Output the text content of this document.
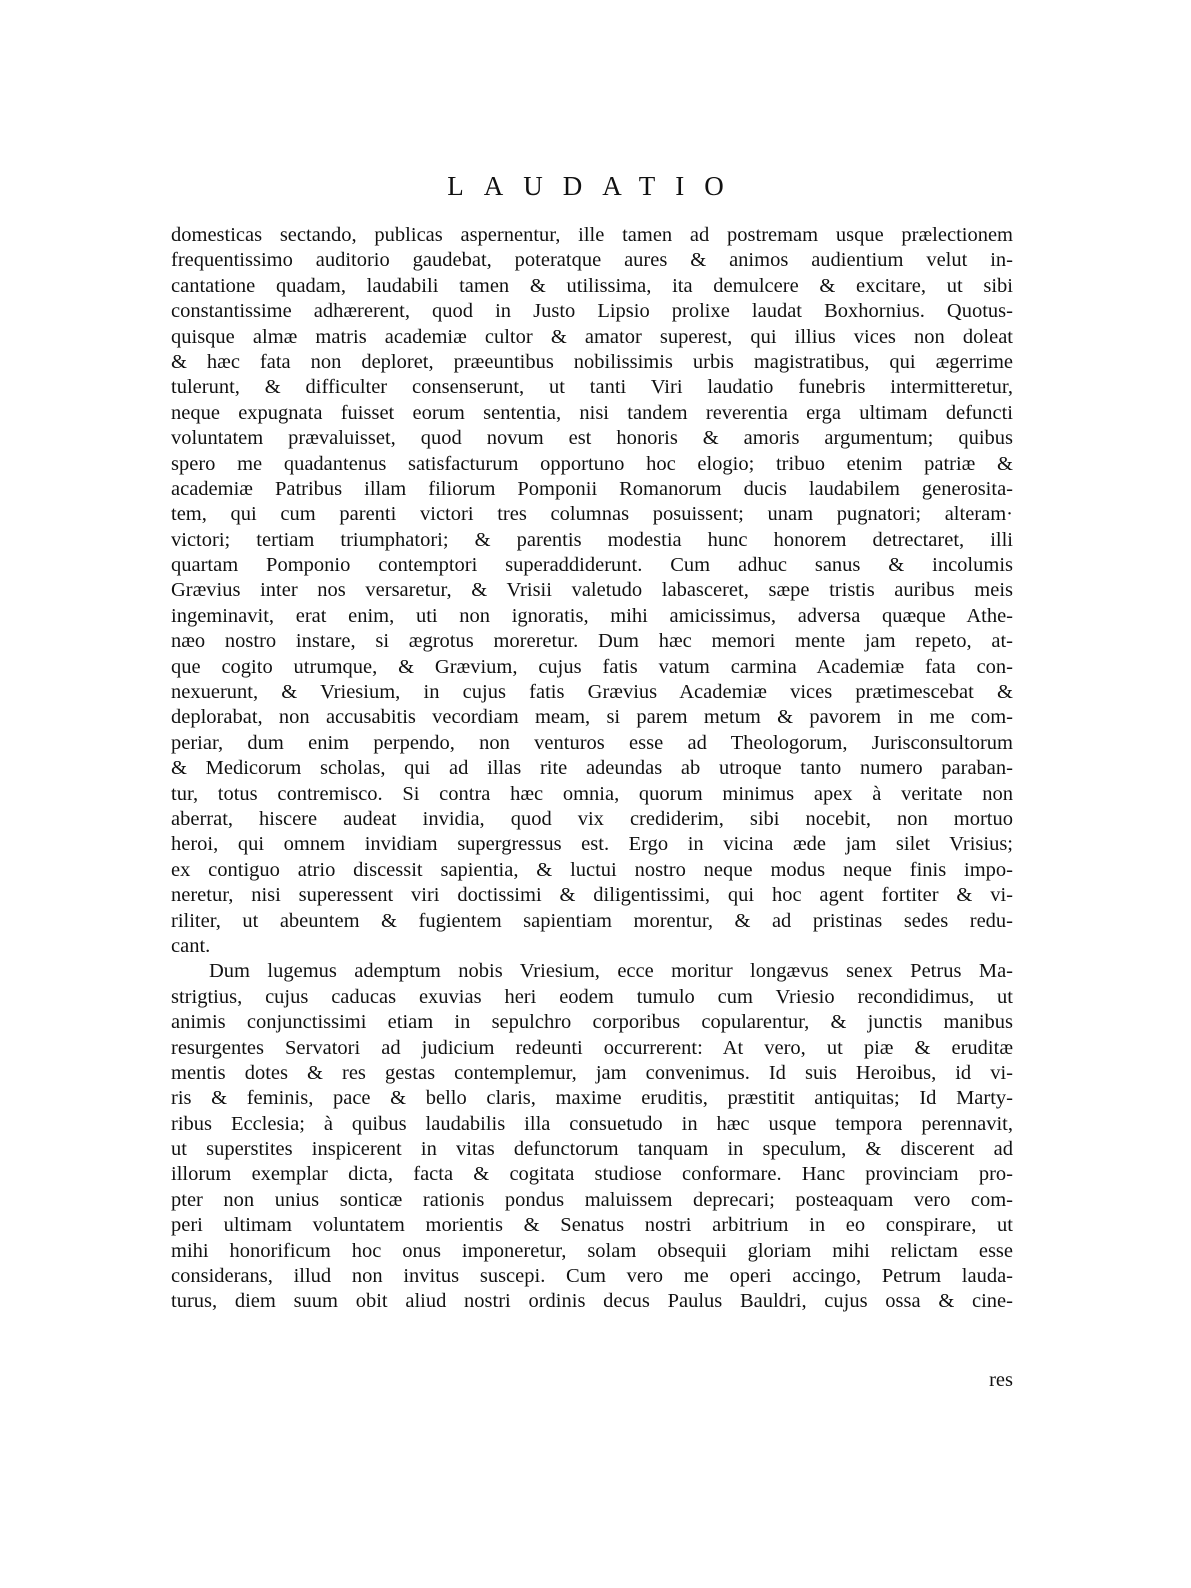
LAUDATIO
domesticas sectando, publicas aspernentur, ille tamen ad postremam usque prælectionem
frequentissimo auditorio gaudebat, poteratque aures & animos audientium velut in-
cantatione quadam, laudabili tamen & utilissima, ita demulcere & excitare, ut sibi
constantissime adhærerent, quod in Justo Lipsio prolixe laudat Boxhornius. Quotus-
quisque almæ matris academiæ cultor & amator superest, qui illius vices non doleat
& hæc fata non deploret, præeuntibus nobilissimis urbis magistratibus, qui ægerrime
tulerunt, & difficulter consenserunt, ut tanti Viri laudatio funebris intermitteretur,
neque expugnata fuisset eorum sententia, nisi tandem reverentia erga ultimam defuncti
voluntatem prævaluisset, quod novum est honoris & amoris argumentum; quibus
spero me quadantenus satisfacturum opportuno hoc elogio; tribuo etenim patriæ &
academiæ Patribus illam filiorum Pomponii Romanorum ducis laudabilem generosita-
tem, qui cum parenti victori tres columnas posuissent; unam pugnatori; alteram·
victori; tertiam triumphatori; & parentis modestia hunc honorem detrectaret, illi
quartam Pomponio contemptori superaddiderunt. Cum adhuc sanus & incolumis
Grævius inter nos versaretur, & Vrisii valetudo labasceret, sæpe tristis auribus meis
ingeminavit, erat enim, uti non ignoratis, mihi amicissimus, adversa quæque Athe-
næo nostro instare, si ægrotus moreretur. Dum hæc memori mente jam repeto, at-
que cogito utrumque, & Grævium, cujus fatis vatum carmina Academiæ fata con-
nexuerunt, & Vriesium, in cujus fatis Grævius Academiæ vices prætimescebat &
deplorabat, non accusabitis vecordiam meam, si parem metum & pavorem in me com-
periar, dum enim perpendo, non venturos esse ad Theologorum, Jurisconsultorum
& Medicorum scholas, qui ad illas rite adeundas ab utroque tanto numero paraban-
tur, totus contremisco. Si contra hæc omnia, quorum minimus apex à veritate non
aberrat, hiscere audeat invidia, quod vix crediderim, sibi nocebit, non mortuo
heroi, qui omnem invidiam supergressus est. Ergo in vicina æde jam silet Vrisius;
ex contiguo atrio discessit sapientia, & luctui nostro neque modus neque finis impo-
neretur, nisi superessent viri doctissimi & diligentissimi, qui hoc agent fortiter & vi-
riliter, ut abeuntem & fugientem sapientiam morentur, & ad pristinas sedes redu-
cant.
Dum lugemus ademptum nobis Vriesium, ecce moritur longævus senex Petrus Ma-
strigtius, cujus caducas exuvias heri eodem tumulo cum Vriesio recondidimus, ut
animis conjunctissimi etiam in sepulchro corporibus copularentur, & junctis manibus
resurgentes Servatori ad judicium redeunti occurrerent: At vero, ut piæ & eruditæ
mentis dotes & res gestas contemplemur, jam convenimus. Id suis Heroibus, id vi-
ris & feminis, pace & bello claris, maxime eruditis, præstitit antiquitas; Id Marty-
ribus Ecclesia; à quibus laudabilis illa consuetudo in hæc usque tempora perennavit,
ut superstites inspicerent in vitas defunctorum tanquam in speculum, & discerent ad
illorum exemplar dicta, facta & cogitata studiose conformare. Hanc provinciam pro-
pter non unius sonticæ rationis pondus maluissem deprecari; posteaquam vero com-
peri ultimam voluntatem morientis & Senatus nostri arbitrium in eo conspirare, ut
mihi honorificum hoc onus imponeretur, solam obsequii gloriam mihi relictam esse
considerans, illud non invitus suscepi. Cum vero me operi accingo, Petrum lauda-
turus, diem suum obit aliud nostri ordinis decus Paulus Bauldri, cujus ossa & cine-
res
